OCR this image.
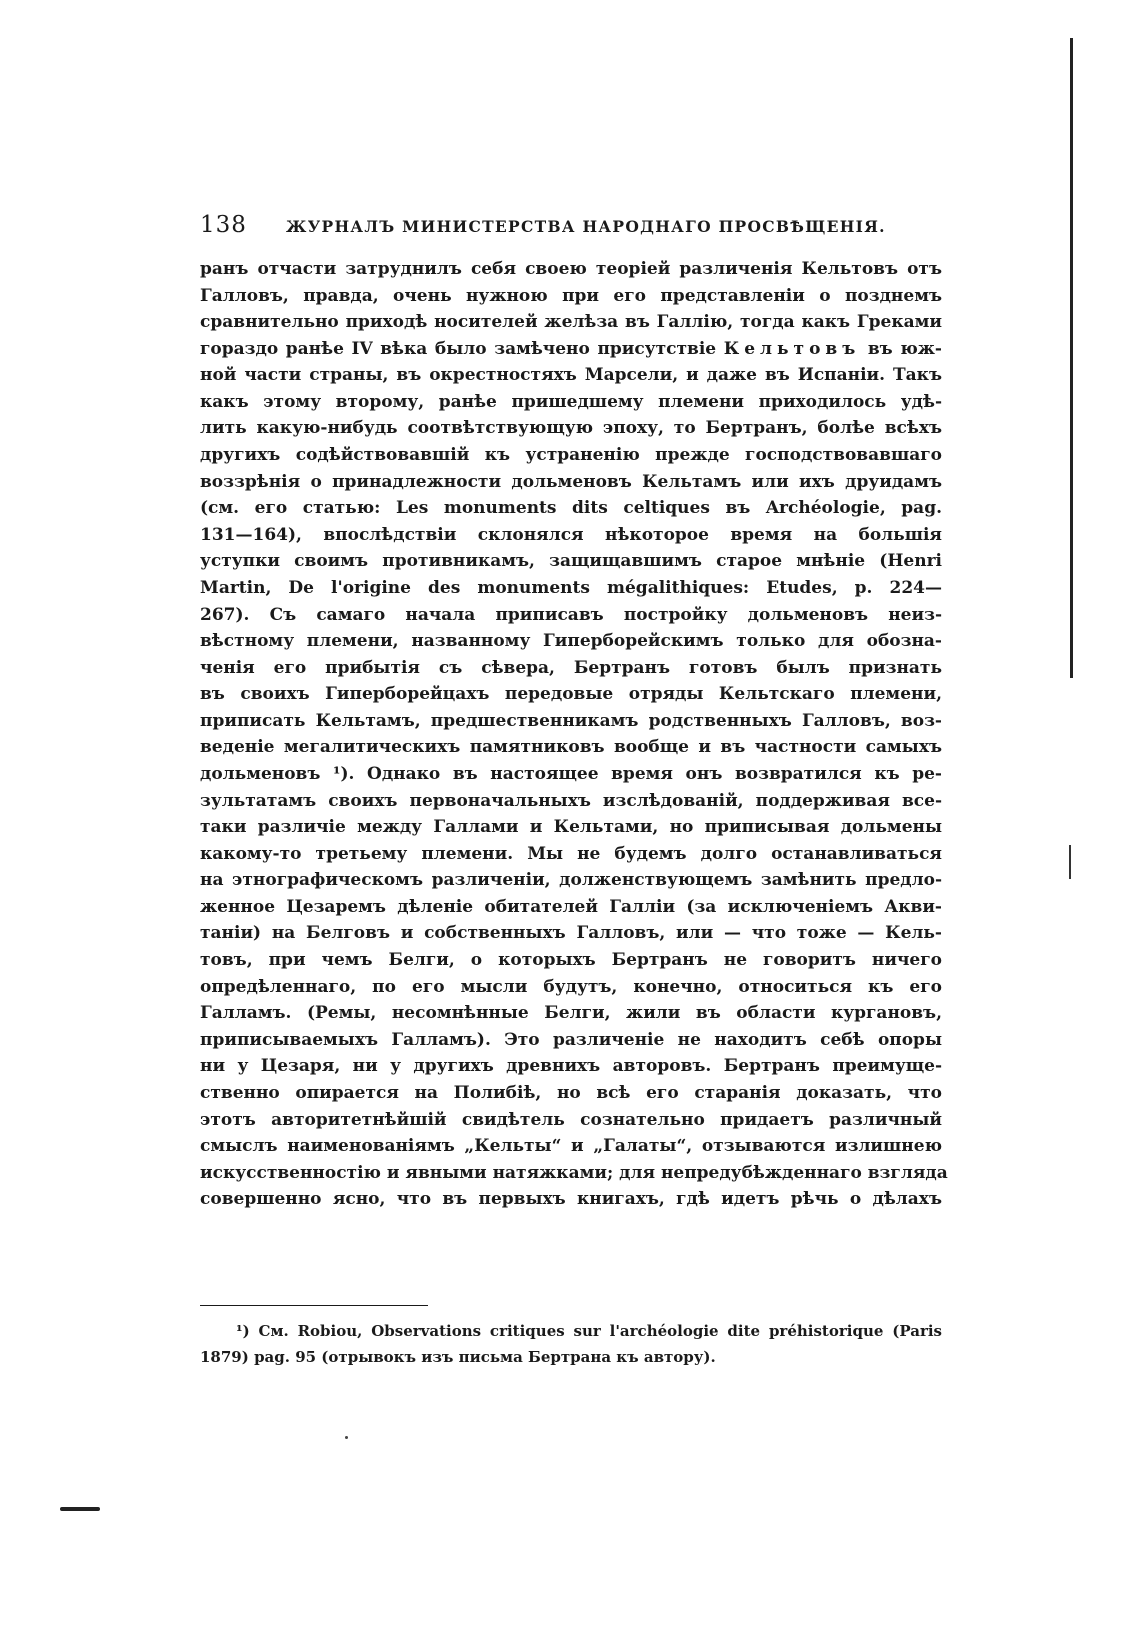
138	ЖУРНАЛЪ МИНИСТЕРСТВА НАРОДНАГО ПРОСВѢЩЕНІЯ.
ранъ отчасти затруднилъ себя своею теоріей различенія Кельтовъ отъ
Галловъ, правда, очень нужною при его представленіи о позднемъ
сравнительно приходѣ носителей желѣза въ Галлію, тогда какъ Греками
гораздо ранѣе IV вѣка было замѣчено присутствіе Кельтовъ въ юж-
ной части страны, въ окрестностяхъ Марсели, и даже въ Испаніи. Такъ
какъ этому второму, ранѣе пришедшему племени приходилось удѣ-
лить какую-нибудь соотвѣтствующую эпоху, то Бертранъ, болѣе всѣхъ
другихъ содѣйствовавшій къ устраненію прежде господствовавшаго
воззрѣнія о принадлежности дольменовъ Кельтамъ или ихъ друидамъ
(см. его статью: Les monuments dits celtiques въ Archéologie, pag.
131—164), впослѣдствіи склонялся нѣкоторое время на большія
уступки своимъ противникамъ, защищавшимъ старое мнѣніе (Henri
Martin, De l'origine des monuments mégalithiques: Etudes, p. 224—
267). Съ самаго начала приписавъ постройку дольменовъ неиз-
вѣстному племени, названному Гиперборейскимъ только для обозна-
ченія его прибытія съ сѣвера, Бертранъ готовъ былъ признать
въ своихъ Гиперборейцахъ передовые отряды Кельтскаго племени,
приписать Кельтамъ, предшественникамъ родственныхъ Галловъ, воз-
веденіе мегалитическихъ памятниковъ вообще и въ частности самыхъ
дольменовъ ¹). Однако въ настоящее время онъ возвратился къ ре-
зультатамъ своихъ первоначальныхъ изслѣдованій, поддерживая все-
таки различіе между Галлами и Кельтами, но приписывая дольмены
какому-то третьему племени. Мы не будемъ долго останавливаться
на этнографическомъ различеніи, долженствующемъ замѣнить предло-
женное Цезаремъ дѣленіе обитателей Галліи (за исключеніемъ Акви-
таніи) на Белговъ и собственныхъ Галловъ, или — что тоже — Кель-
товъ, при чемъ Белги, о которыхъ Бертранъ не говоритъ ничего
опредѣленнаго, по его мысли будутъ, конечно, относиться къ его
Галламъ. (Ремы, несомнѣнные Белги, жили въ области кургановъ,
приписываемыхъ Галламъ). Это различеніе не находитъ себѣ опоры
ни у Цезаря, ни у другихъ древнихъ авторовъ. Бертранъ преимуще-
ственно опирается на Полибіѣ, но всѣ его старанія доказать, что
этотъ авторитетнѣйшій свидѣтель сознательно придаетъ различный
смыслъ наименованіямъ „Кельты“ и „Галаты“, отзываются излишнею
искусственностію и явными натяжками; для непредубѣжденнаго взгляда
совершенно ясно, что въ первыхъ книгахъ, гдѣ идетъ рѣчь о дѣлахъ
¹) См. Robiou, Observations critiques sur l'archéologie dite préhistorique (Paris
1879) pag. 95 (отрывокъ изъ письма Бертрана къ автору).
